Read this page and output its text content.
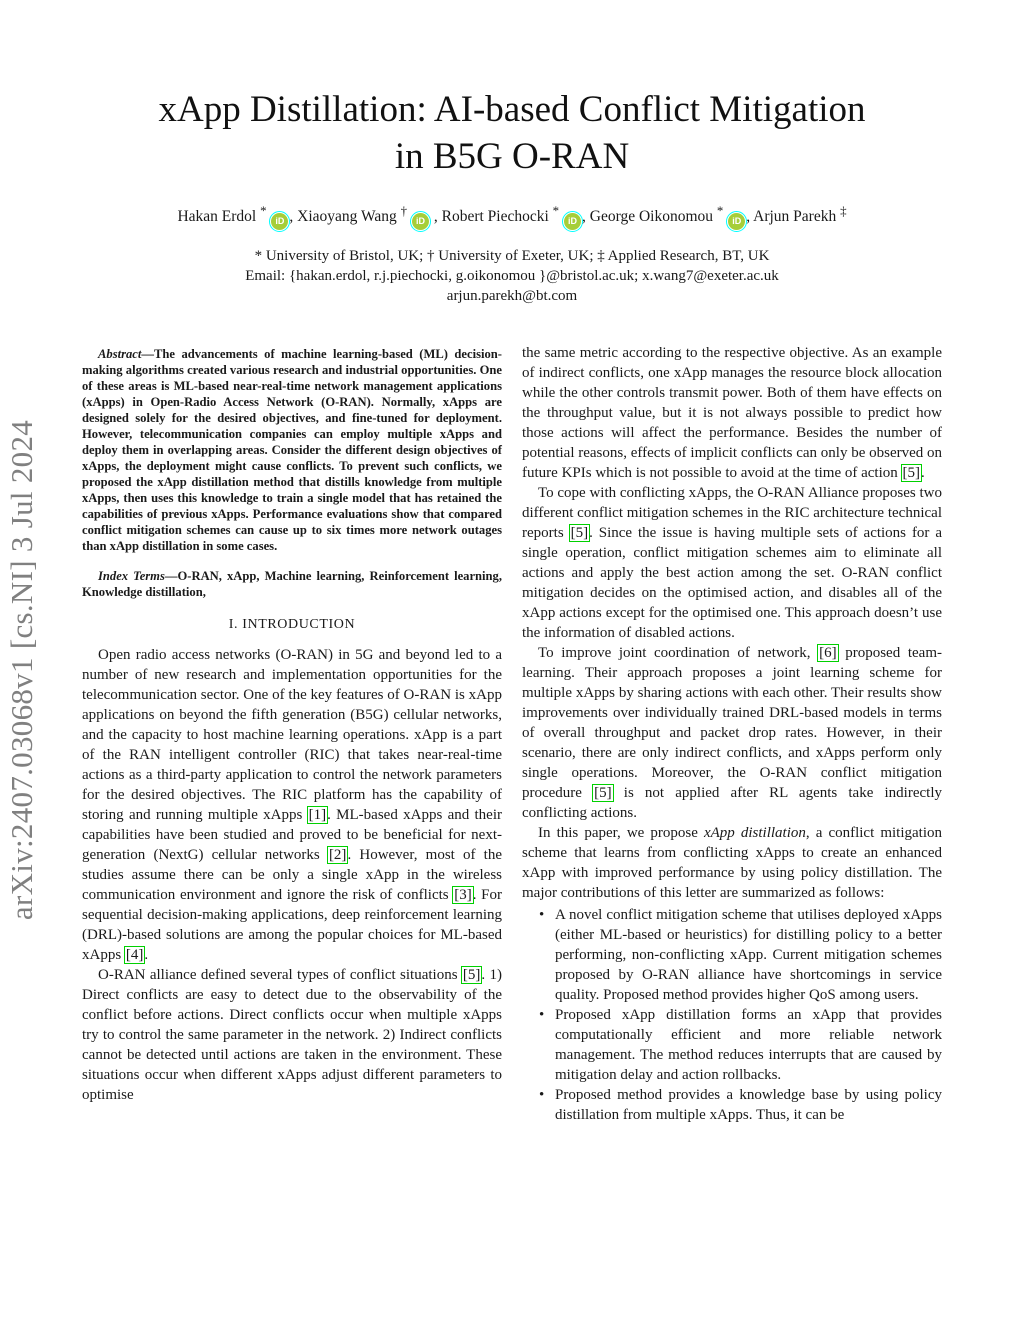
arXiv:2407.03068v1 [cs.NI] 3 Jul 2024
xApp Distillation: AI-based Conflict Mitigation in B5G O-RAN
Hakan Erdol * iD , Xiaoyang Wang † iD , Robert Piechocki * iD , George Oikonomou * iD , Arjun Parekh ‡
* University of Bristol, UK; † University of Exeter, UK; ‡ Applied Research, BT, UK
Email: {hakan.erdol, r.j.piechocki, g.oikonomou }@bristol.ac.uk; x.wang7@exeter.ac.uk
arjun.parekh@bt.com

Abstract—The advancements of machine learning-based (ML) decision-making algorithms created various research and industrial opportunities. One of these areas is ML-based near-real-time network management applications (xApps) in Open-Radio Access Network (O-RAN). Normally, xApps are designed solely for the desired objectives, and fine-tuned for deployment. However, telecommunication companies can employ multiple xApps and deploy them in overlapping areas. Consider the different design objectives of xApps, the deployment might cause conflicts. To prevent such conflicts, we proposed the xApp distillation method that distills knowledge from multiple xApps, then uses this knowledge to train a single model that has retained the capabilities of previous xApps. Performance evaluations show that compared conflict mitigation schemes can cause up to six times more network outages than xApp distillation in some cases.

Index Terms—O-RAN, xApp, Machine learning, Reinforcement learning, Knowledge distillation,

I. INTRODUCTION

Open radio access networks (O-RAN) in 5G and beyond led to a number of new research and implementation opportunities for the telecommunication sector. One of the key features of O-RAN is xApp applications on beyond the fifth generation (B5G) cellular networks, and the capacity to host machine learning operations. xApp is a part of the RAN intelligent controller (RIC) that takes near-real-time actions as a third-party application to control the network parameters for the desired objectives. The RIC platform has the capability of storing and running multiple xApps [1]. ML-based xApps and their capabilities have been studied and proved to be beneficial for next-generation (NextG) cellular networks [2]. However, most of the studies assume there can be only a single xApp in the wireless communication environment and ignore the risk of conflicts [3]. For sequential decision-making applications, deep reinforcement learning (DRL)-based solutions are among the popular choices for ML-based xApps [4].

O-RAN alliance defined several types of conflict situations [5]. 1) Direct conflicts are easy to detect due to the observability of the conflict before actions. Direct conflicts occur when multiple xApps try to control the same parameter in the network. 2) Indirect conflicts cannot be detected until actions are taken in the environment. These situations occur when different xApps adjust different parameters to optimise

the same metric according to the respective objective. As an example of indirect conflicts, one xApp manages the resource block allocation while the other controls transmit power. Both of them have effects on the throughput value, but it is not always possible to predict how those actions will affect the performance. Besides the number of potential reasons, effects of implicit conflicts can only be observed on future KPIs which is not possible to avoid at the time of action [5].

To cope with conflicting xApps, the O-RAN Alliance proposes two different conflict mitigation schemes in the RIC architecture technical reports [5]. Since the issue is having multiple sets of actions for a single operation, conflict mitigation schemes aim to eliminate all actions and apply the best action among the set. O-RAN conflict mitigation decides on the optimised action, and disables all of the xApp actions except for the optimised one. This approach doesn’t use the information of disabled actions.

To improve joint coordination of network, [6] proposed team-learning. Their approach proposes a joint learning scheme for multiple xApps by sharing actions with each other. Their results show improvements over individually trained DRL-based models in terms of overall throughput and packet drop rates. However, in their scenario, there are only indirect conflicts, and xApps perform only single operations. Moreover, the O-RAN conflict mitigation procedure [5] is not applied after RL agents take indirectly conflicting actions.

In this paper, we propose xApp distillation, a conflict mitigation scheme that learns from conflicting xApps to create an enhanced xApp with improved performance by using policy distillation. The major contributions of this letter are summarized as follows:

• A novel conflict mitigation scheme that utilises deployed xApps (either ML-based or heuristics) for distilling policy to a better performing, non-conflicting xApp. Current mitigation schemes proposed by O-RAN alliance have shortcomings in service quality. Proposed method provides higher QoS among users.
• Proposed xApp distillation forms an xApp that provides computationally efficient and more reliable network management. The method reduces interrupts that are caused by mitigation delay and action rollbacks.
• Proposed method provides a knowledge base by using policy distillation from multiple xApps. Thus, it can be
